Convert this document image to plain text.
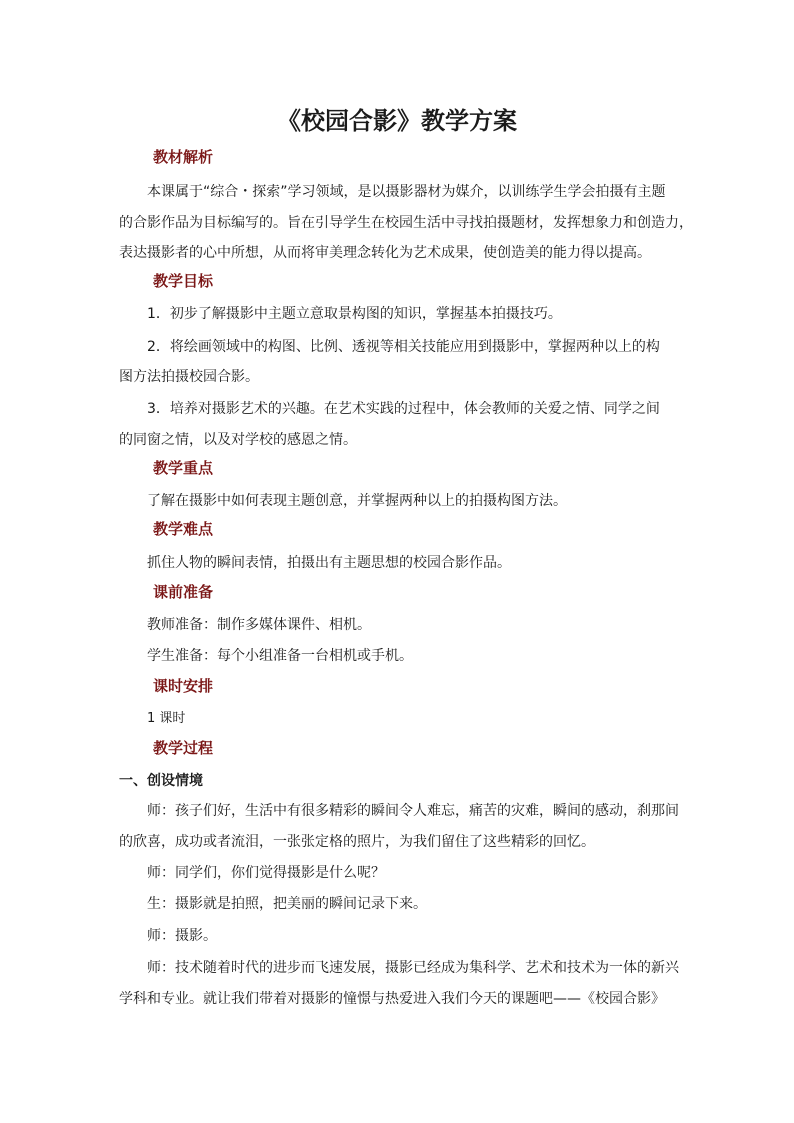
《校园合影》教学方案
教材解析
本课属于“综合・探索”学习领域，是以摄影器材为媒介，以训练学生学会拍摄有主题
的合影作品为目标编写的。旨在引导学生在校园生活中寻找拍摄题材，发挥想象力和创造力，
表达摄影者的心中所想，从而将审美理念转化为艺术成果，使创造美的能力得以提高。
教学目标
1．初步了解摄影中主题立意取景构图的知识，掌握基本拍摄技巧。
2．将绘画领域中的构图、比例、透视等相关技能应用到摄影中，掌握两种以上的构
图方法拍摄校园合影。
3．培养对摄影艺术的兴趣。在艺术实践的过程中，体会教师的关爱之情、同学之间
的同窗之情，以及对学校的感恩之情。
教学重点
了解在摄影中如何表现主题创意，并掌握两种以上的拍摄构图方法。
教学难点
抓住人物的瞬间表情，拍摄出有主题思想的校园合影作品。
课前准备
教师准备：制作多媒体课件、相机。
学生准备：每个小组准备一台相机或手机。
课时安排
1 课时
教学过程
一、创设情境
师：孩子们好，生活中有很多精彩的瞬间令人难忘，痛苦的灾难，瞬间的感动，刹那间
的欣喜，成功或者流泪，一张张定格的照片，为我们留住了这些精彩的回忆。
师：同学们，你们觉得摄影是什么呢？
生：摄影就是拍照，把美丽的瞬间记录下来。
师：摄影。
师：技术随着时代的进步而飞速发展，摄影已经成为集科学、艺术和技术为一体的新兴
学科和专业。就让我们带着对摄影的憧憬与热爱进入我们今天的课题吧——《校园合影》
